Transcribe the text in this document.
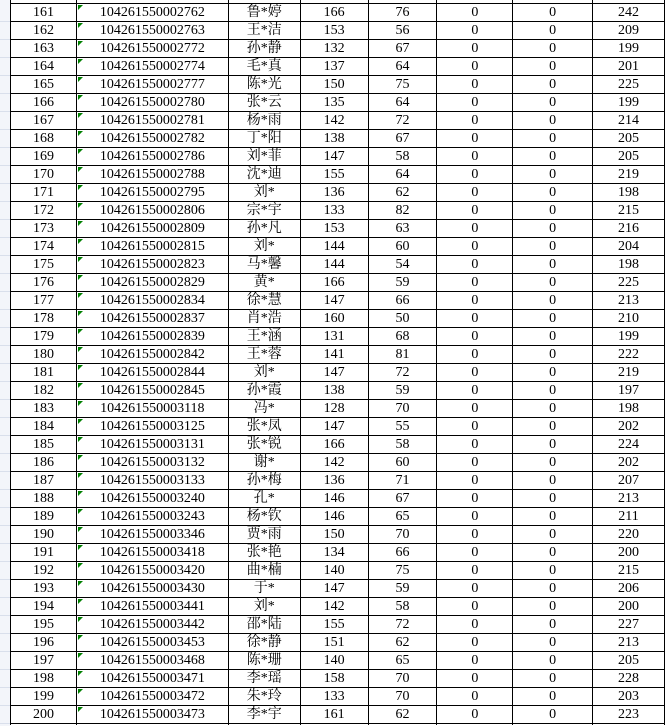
161	104261550002762	鲁*婷	166	76	0	0	242
162	104261550002763	王*洁	153	56	0	0	209
163	104261550002772	孙*静	132	67	0	0	199
164	104261550002774	毛*真	137	64	0	0	201
165	104261550002777	陈*光	150	75	0	0	225
166	104261550002780	张*云	135	64	0	0	199
167	104261550002781	杨*雨	142	72	0	0	214
168	104261550002782	丁*阳	138	67	0	0	205
169	104261550002786	刘*菲	147	58	0	0	205
170	104261550002788	沈*迪	155	64	0	0	219
171	104261550002795	刘*	136	62	0	0	198
172	104261550002806	宗*宇	133	82	0	0	215
173	104261550002809	孙*凡	153	63	0	0	216
174	104261550002815	刘*	144	60	0	0	204
175	104261550002823	马*馨	144	54	0	0	198
176	104261550002829	黄*	166	59	0	0	225
177	104261550002834	徐*慧	147	66	0	0	213
178	104261550002837	肖*浩	160	50	0	0	210
179	104261550002839	王*涵	131	68	0	0	199
180	104261550002842	王*蓉	141	81	0	0	222
181	104261550002844	刘*	147	72	0	0	219
182	104261550002845	孙*霞	138	59	0	0	197
183	104261550003118	冯*	128	70	0	0	198
184	104261550003125	张*凤	147	55	0	0	202
185	104261550003131	张*锐	166	58	0	0	224
186	104261550003132	谢*	142	60	0	0	202
187	104261550003133	孙*梅	136	71	0	0	207
188	104261550003240	孔*	146	67	0	0	213
189	104261550003243	杨*钦	146	65	0	0	211
190	104261550003346	贾*雨	150	70	0	0	220
191	104261550003418	张*艳	134	66	0	0	200
192	104261550003420	曲*楠	140	75	0	0	215
193	104261550003430	于*	147	59	0	0	206
194	104261550003441	刘*	142	58	0	0	200
195	104261550003442	邵*陆	155	72	0	0	227
196	104261550003453	徐*静	151	62	0	0	213
197	104261550003468	陈*珊	140	65	0	0	205
198	104261550003471	李*瑶	158	70	0	0	228
199	104261550003472	朱*玲	133	70	0	0	203
200	104261550003473	李*宇	161	62	0	0	223
